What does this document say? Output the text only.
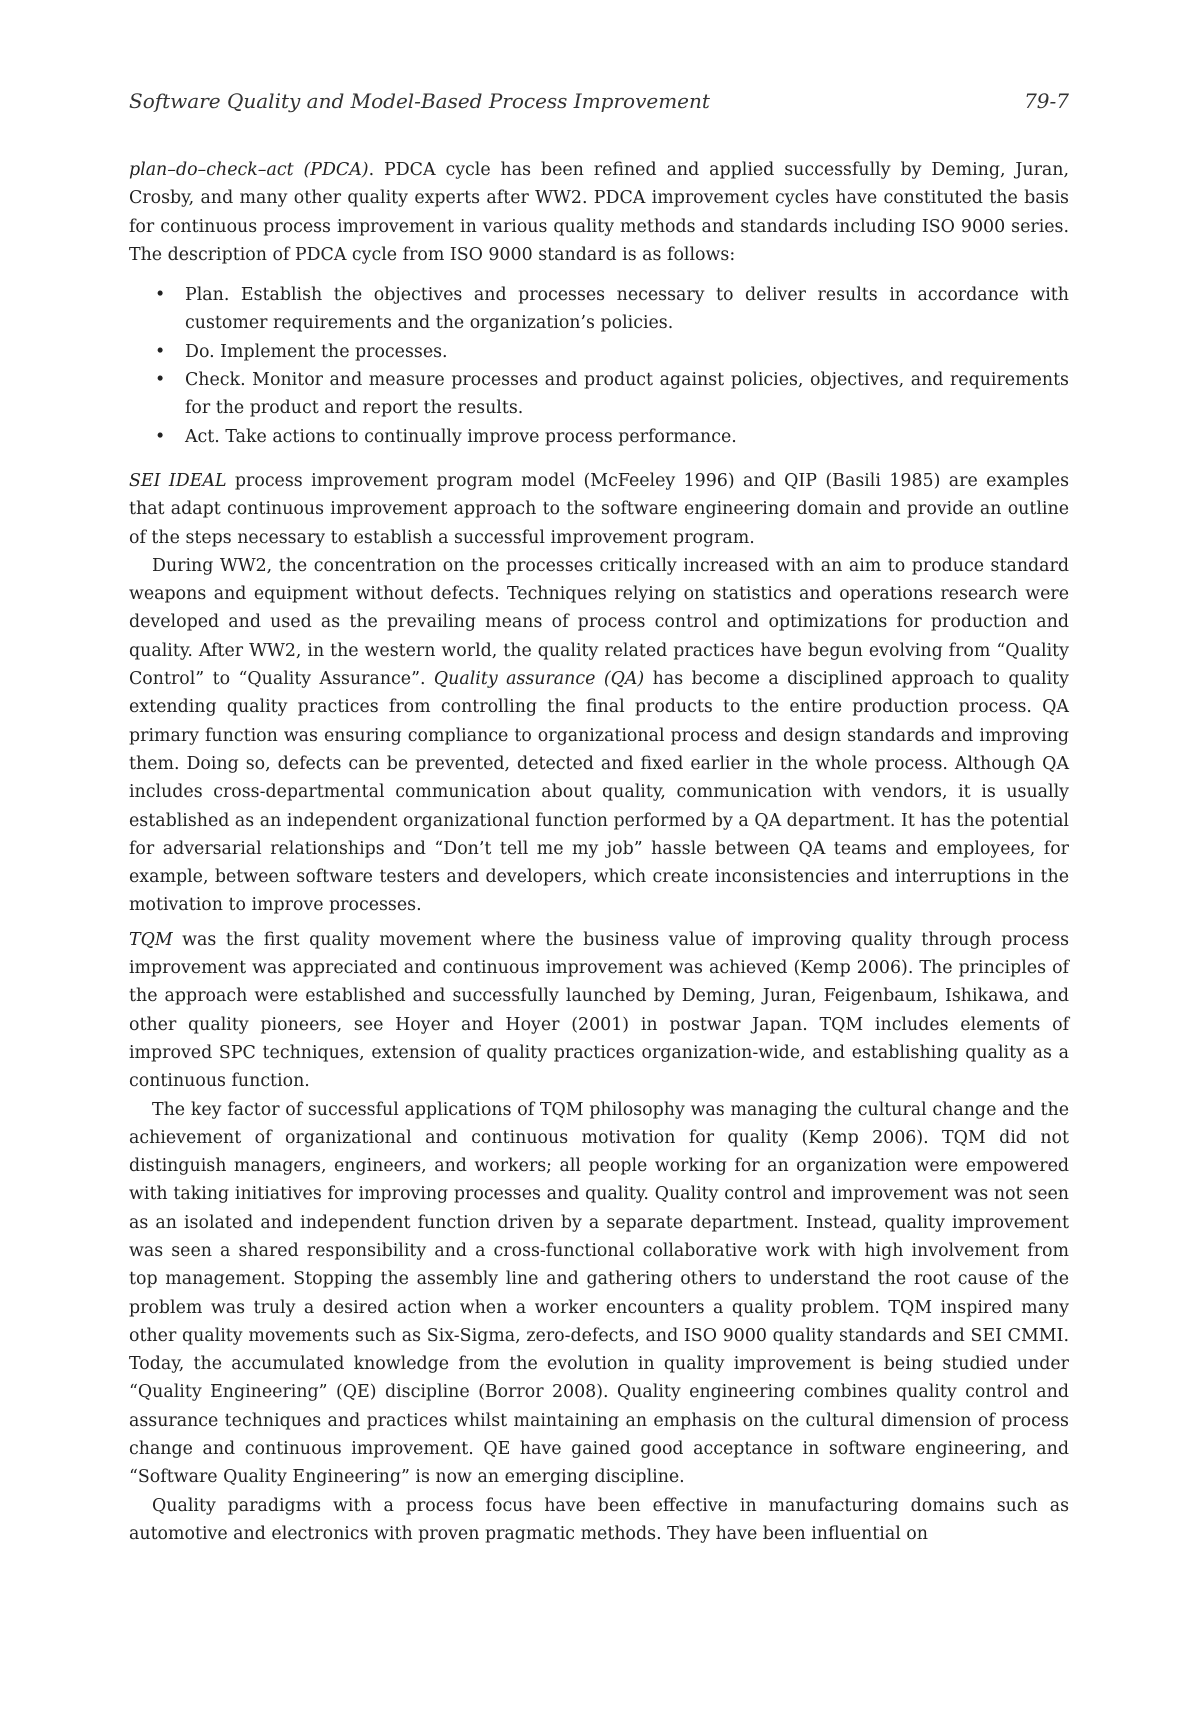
Software Quality and Model-Based Process Improvement	79-7

plan–do–check–act (PDCA). PDCA cycle has been refined and applied successfully by Deming, Juran, Crosby, and many other quality experts after WW2. PDCA improvement cycles have constituted the basis for continuous process improvement in various quality methods and standards including ISO 9000 series. The description of PDCA cycle from ISO 9000 standard is as follows:

• Plan. Establish the objectives and processes necessary to deliver results in accordance with customer requirements and the organization’s policies.
• Do. Implement the processes.
• Check. Monitor and measure processes and product against policies, objectives, and requirements for the product and report the results.
• Act. Take actions to continually improve process performance.

SEI IDEAL process improvement program model (McFeeley 1996) and QIP (Basili 1985) are examples that adapt continuous improvement approach to the software engineering domain and provide an outline of the steps necessary to establish a successful improvement program.

During WW2, the concentration on the processes critically increased with an aim to produce standard weapons and equipment without defects. Techniques relying on statistics and operations research were developed and used as the prevailing means of process control and optimizations for production and quality. After WW2, in the western world, the quality related practices have begun evolving from “Quality Control” to “Quality Assurance”. Quality assurance (QA) has become a disciplined approach to quality extending quality practices from controlling the final products to the entire production process. QA primary function was ensuring compliance to organizational process and design standards and improving them. Doing so, defects can be prevented, detected and fixed earlier in the whole process. Although QA includes cross-departmental communication about quality, communication with vendors, it is usually established as an independent organizational function performed by a QA department. It has the potential for adversarial relationships and “Don’t tell me my job” hassle between QA teams and employees, for example, between software testers and developers, which create inconsistencies and interruptions in the motivation to improve processes.

TQM was the first quality movement where the business value of improving quality through process improvement was appreciated and continuous improvement was achieved (Kemp 2006). The principles of the approach were established and successfully launched by Deming, Juran, Feigenbaum, Ishikawa, and other quality pioneers, see Hoyer and Hoyer (2001) in postwar Japan. TQM includes elements of improved SPC techniques, extension of quality practices organization-wide, and establishing quality as a continuous function.

The key factor of successful applications of TQM philosophy was managing the cultural change and the achievement of organizational and continuous motivation for quality (Kemp 2006). TQM did not distinguish managers, engineers, and workers; all people working for an organization were empowered with taking initiatives for improving processes and quality. Quality control and improvement was not seen as an isolated and independent function driven by a separate department. Instead, quality improvement was seen a shared responsibility and a cross-functional collaborative work with high involvement from top management. Stopping the assembly line and gathering others to understand the root cause of the problem was truly a desired action when a worker encounters a quality problem. TQM inspired many other quality movements such as Six-Sigma, zero-defects, and ISO 9000 quality standards and SEI CMMI. Today, the accumulated knowledge from the evolution in quality improvement is being studied under “Quality Engineering” (QE) discipline (Borror 2008). Quality engineering combines quality control and assurance techniques and practices whilst maintaining an emphasis on the cultural dimension of process change and continuous improvement. QE have gained good acceptance in software engineering, and “Software Quality Engineering” is now an emerging discipline.

Quality paradigms with a process focus have been effective in manufacturing domains such as automotive and electronics with proven pragmatic methods. They have been influential on
